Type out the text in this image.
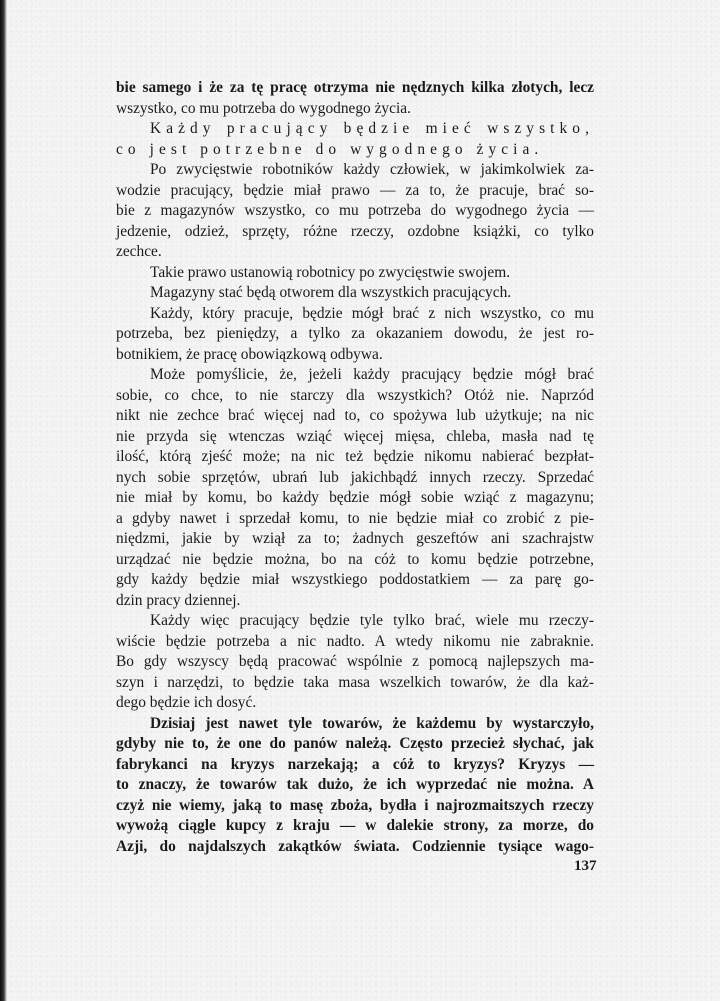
bie samego i że za tę pracę otrzyma nie nędznych kilka złotych, lecz
wszystko, co mu potrzeba do wygodnego życia.
Każdy pracujący będzie mieć wszystko,
co jest potrzebne do wygodnego życia.
Po zwycięstwie robotników każdy człowiek, w jakimkolwiek za-
wodzie pracujący, będzie miał prawo — za to, że pracuje, brać so-
bie z magazynów wszystko, co mu potrzeba do wygodnego życia —
jedzenie, odzież, sprzęty, różne rzeczy, ozdobne książki, co tylko
zechce.
Takie prawo ustanowią robotnicy po zwycięstwie swojem.
Magazyny stać będą otworem dla wszystkich pracujących.
Każdy, który pracuje, będzie mógł brać z nich wszystko, co mu
potrzeba, bez pieniędzy, a tylko za okazaniem dowodu, że jest ro-
botnikiem, że pracę obowiązkową odbywa.
Może pomyślicie, że, jeżeli każdy pracujący będzie mógł brać
sobie, co chce, to nie starczy dla wszystkich? Otóż nie. Naprzód
nikt nie zechce brać więcej nad to, co spożywa lub użytkuje; na nic
nie przyda się wtenczas wziąć więcej mięsa, chleba, masła nad tę
ilość, którą zjeść może; na nic też będzie nikomu nabierać bezpłat-
nych sobie sprzętów, ubrań lub jakichbądź innych rzeczy. Sprzedać
nie miał by komu, bo każdy będzie mógł sobie wziąć z magazynu;
a gdyby nawet i sprzedał komu, to nie będzie miał co zrobić z pie-
niędzmi, jakie by wziął za to; żadnych geszeftów ani szachrajstw
urządzać nie będzie można, bo na cóż to komu będzie potrzebne,
gdy każdy będzie miał wszystkiego poddostatkiem — za parę go-
dzin pracy dziennej.
Każdy więc pracujący będzie tyle tylko brać, wiele mu rzeczy-
wiście będzie potrzeba a nic nadto. A wtedy nikomu nie zabraknie.
Bo gdy wszyscy będą pracować wspólnie z pomocą najlepszych ma-
szyn i narzędzi, to będzie taka masa wszelkich towarów, że dla każ-
dego będzie ich dosyć.
Dzisiaj jest nawet tyle towarów, że każdemu by wystarczyło,
gdyby nie to, że one do panów należą. Często przecież słychać, jak
fabrykanci na kryzys narzekają; a cóż to kryzys? Kryzys —
to znaczy, że towarów tak dużo, że ich wyprzedać nie można. A
czyż nie wiemy, jaką to masę zboża, bydła i najrozmaitszych rzeczy
wywożą ciągle kupcy z kraju — w dalekie strony, za morze, do
Azji, do najdalszych zakątków świata. Codziennie tysiące wago-
137
